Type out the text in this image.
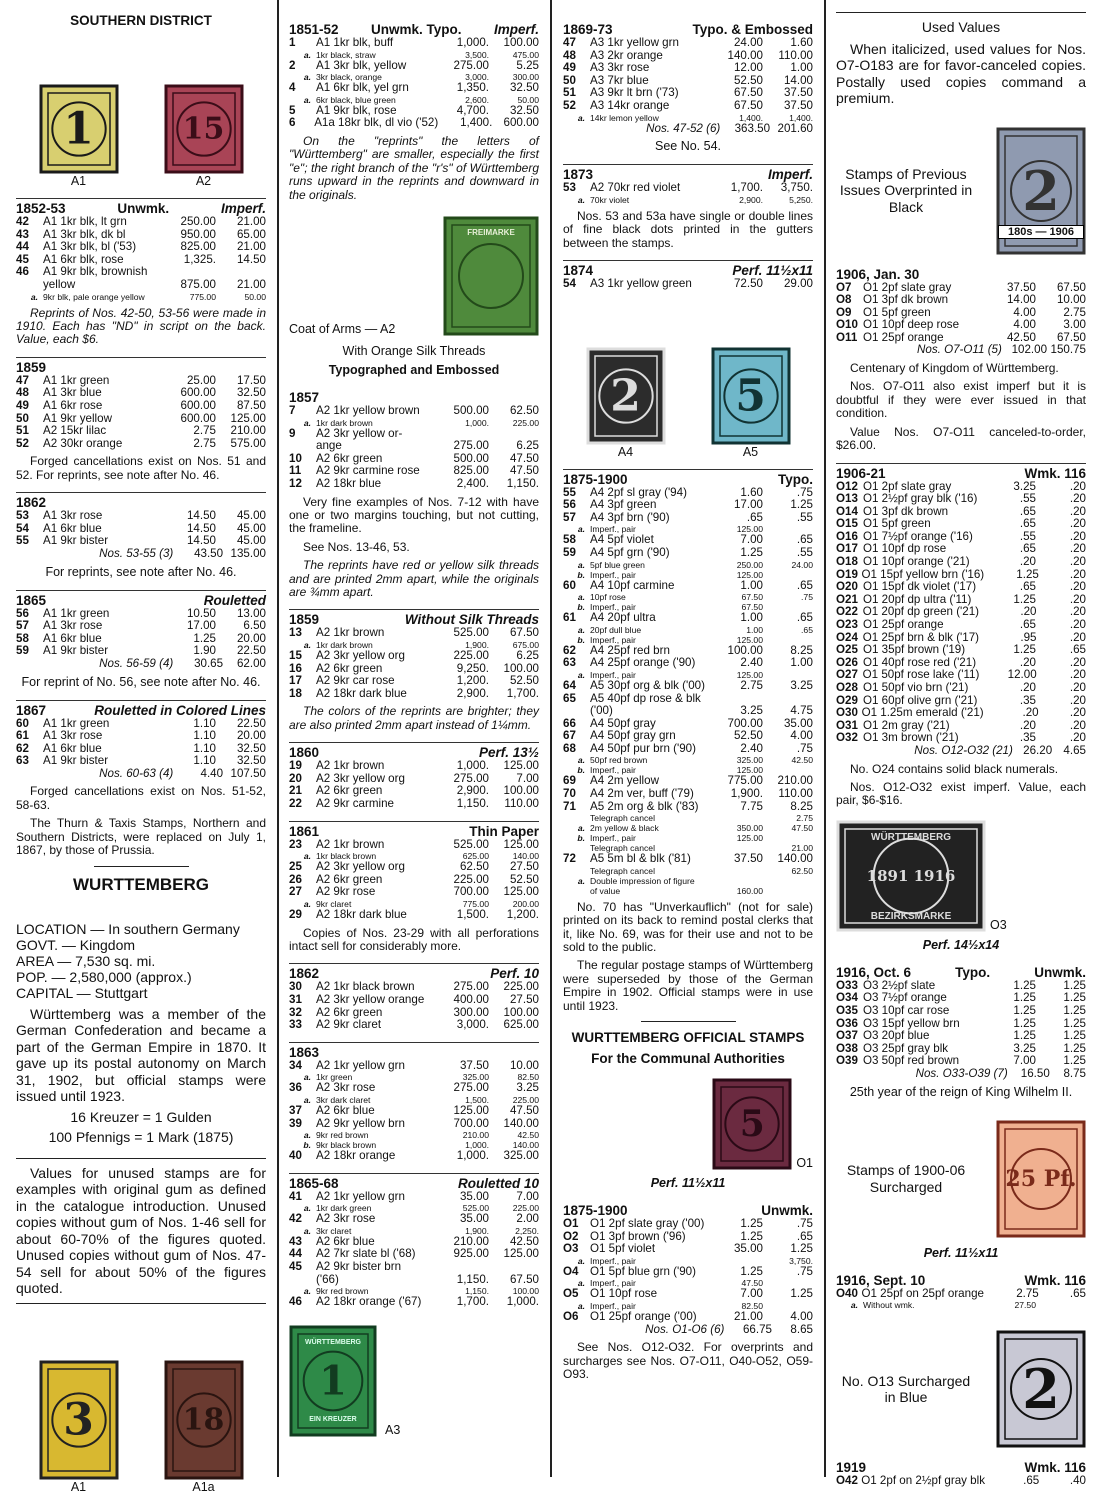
SOUTHERN DISTRICT
1
A1
15
A2
1852-53	Unwmk.	Imperf.
42	A1 1kr blk, lt grn	250.00	21.00
43	A1 3kr blk, dk bl	950.00	65.00
44	A1 3kr blk, bl ('53)	825.00	21.00
45	A1 6kr blk, rose	1,325.	14.50
46	A1 9kr blk, brownish
yellow	875.00	21.00
a. 9kr blk, pale orange yellow	775.00	50.00
Reprints of Nos. 42-50, 53-56 were made in 1910. Each has "ND" in script on the back. Value, each $6.
1859
47	A1 1kr green	25.00	17.50
48	A1 3kr blue	600.00	32.50
49	A1 6kr rose	600.00	87.50
50	A1 9kr yellow	600.00	125.00
51	A2 15kr lilac	2.75	210.00
52	A2 30kr orange	2.75	575.00
Forged cancellations exist on Nos. 51 and 52. For reprints, see note after No. 46.
1862
53	A1 3kr rose	14.50	45.00
54	A1 6kr blue	14.50	45.00
55	A1 9kr bister	14.50	45.00
Nos. 53-55 (3)	43.50 135.00
For reprints, see note after No. 46.
1865	Rouletted
56	A1 1kr green	10.50	13.00
57	A1 3kr rose	17.00	6.50
58	A1 6kr blue	1.25	20.00
59	A1 9kr bister	1.90	22.50
Nos. 56-59 (4)	30.65	62.00
For reprint of No. 56, see note after No. 46.
1867	Rouletted in Colored Lines
60	A1 1kr green	1.10	22.50
61	A1 3kr rose	1.10	20.00
62	A1 6kr blue	1.10	32.50
63	A1 9kr bister	1.10	32.50
Nos. 60-63 (4)	4.40 107.50
Forged cancellations exist on Nos. 51-52, 58-63.
The Thurn & Taxis Stamps, Northern and Southern Districts, were replaced on July 1, 1867, by those of Prussia.
WURTTEMBERG
LOCATION — In southern Germany
GOVT. — Kingdom
AREA — 7,530 sq. mi.
POP. — 2,580,000 (approx.)
CAPITAL — Stuttgart
Württemberg was a member of the German Confederation and became a part of the German Empire in 1870. It gave up its postal autonomy on March 31, 1902, but official stamps were issued until 1923.
16 Kreuzer = 1 Gulden
100 Pfennigs = 1 Mark (1875)
Values for unused stamps are for examples with original gum as defined in the catalogue introduction. Unused copies without gum of Nos. 1-46 sell for about 60-70% of the figures quoted. Unused copies without gum of Nos. 47-54 sell for about 50% of the figures quoted.
3
A1
18
A1a
1851-52 Unwmk. Typo. Imperf.
1	A1 1kr blk, buff	1,000.	100.00
a. 1kr black, straw	3,500.	475.00
2	A1 3kr blk, yellow	275.00	5.25
a. 3kr black, orange	3,000.	300.00
4	A1 6kr blk, yel grn	1,350.	32.50
a. 6kr black, blue green	2,600.	50.00
5	A1 9kr blk, rose	4,700.	32.50
6	A1a 18kr blk, dl vio ('52)	1,400. 600.00
On the "reprints" the letters of "Württemberg" are smaller, especially the first "e"; the right branch of the "r's" of Württemberg runs upward in the reprints and downward in the originals.
Coat of Arms — A2
FREIMARKE
With Orange Silk Threads
Typographed and Embossed
1857
7	A2 1kr yellow brown	500.00	62.50
a. 1kr dark brown	1,000.	225.00
9	A2 3kr yellow or-
ange	275.00	6.25
10	A2 6kr green	500.00	47.50
11	A2 9kr carmine rose	825.00	47.50
12	A2 18kr blue	2,400.	1,150.
Very fine examples of Nos. 7-12 with have one or two margins touching, but not cutting, the frameline.
See Nos. 13-46, 53.
The reprints have red or yellow silk threads and are printed 2mm apart, while the originals are ¾mm apart.
1859	Without Silk Threads
13	A2 1kr brown	525.00	67.50
a. 1kr dark brown	1,900.	675.00
15	A2 3kr yellow org	225.00	6.25
16	A2 6kr green	9,250.	100.00
17	A2 9kr car rose	1,200.	52.50
18	A2 18kr dark blue	2,900.	1,700.
The colors of the reprints are brighter; they are also printed 2mm apart instead of 1¼mm.
1860	Perf. 13½
19	A2 1kr brown	1,000.	125.00
20	A2 3kr yellow org	275.00	7.00
21	A2 6kr green	2,900.	100.00
22	A2 9kr carmine	1,150.	110.00
1861	Thin Paper
23	A2 1kr brown	525.00	125.00
a. 1kr black brown	625.00	140.00
25	A2 3kr yellow org	62.50	27.50
26	A2 6kr green	225.00	52.50
27	A2 9kr rose	700.00	125.00
a. 9kr claret	775.00	200.00
29	A2 18kr dark blue	1,500.	1,200.
Copies of Nos. 23-29 with all perforations intact sell for considerably more.
1862	Perf. 10
30	A2 1kr black brown	275.00	225.00
31	A2 3kr yellow orange	400.00	27.50
32	A2 6kr green	300.00	100.00
33	A2 9kr claret	3,000.	625.00
1863
34	A2 1kr yellow grn	37.50	10.00
a. 1kr green	325.00	82.50
36	A2 3kr rose	275.00	3.25
a. 3kr dark claret	1,500.	225.00
37	A2 6kr blue	125.00	47.50
39	A2 9kr yellow brn	700.00	140.00
a. 9kr red brown	210.00	42.50
b. 9kr black brown	1,000.	140.00
40	A2 18kr orange	1,000.	325.00
1865-68	Rouletted 10
41	A2 1kr yellow grn	35.00	7.00
a. 1kr dark green	525.00	225.00
42	A2 3kr rose	35.00	2.00
a. 3kr claret	1,900.	2,250.
43	A2 6kr blue	210.00	42.50
44	A2 7kr slate bl ('68)	925.00	125.00
45	A2 9kr bister brn
('66)	1,150.	67.50
a. 9kr red brown	1,150.	100.00
46	A2 18kr orange ('67)	1,700.	1,000.
1
WÜRTTEMBERG
EIN KREUZER
A3
1869-73	Typo. & Embossed
47	A3 1kr yellow grn	24.00	1.60
48	A3 2kr orange	140.00	110.00
49	A3 3kr rose	12.00	1.00
50	A3 7kr blue	52.50	14.00
51	A3 9kr lt brn ('73)	67.50	37.50
52	A3 14kr orange	67.50	37.50
a. 14kr lemon yellow	1,400.	1,400.
Nos. 47-52 (6)	363.50 201.60
See No. 54.
1873	Imperf.
53	A2 70kr red violet	1,700.	3,750.
a. 70kr violet	2,900.	5,250.
Nos. 53 and 53a have single or double lines of fine black dots printed in the gutters between the stamps.
1874	Perf. 11½x11
54	A3 1kr yellow green	72.50	29.00
2
A4
5
A5
1875-1900	Typo.
55	A4 2pf sl gray ('94)	1.60	.75
56	A4 3pf green	17.00	1.25
57	A4 3pf brn ('90)	.65	.55
a. Imperf., pair	125.00
58	A4 5pf violet	7.00	.65
59	A4 5pf grn ('90)	1.25	.55
a. 5pf blue green	250.00	24.00
b. Imperf., pair	125.00
60	A4 10pf carmine	1.00	.65
a. 10pf rose	67.50	.75
b. Imperf., pair	67.50
61	A4 20pf ultra	1.00	.65
a. 20pf dull blue	1.00	.65
b. Imperf., pair	125.00
62	A4 25pf red brn	100.00	8.25
63	A4 25pf orange ('90)	2.40	1.00
a. Imperf., pair	125.00
64	A5 30pf org & blk ('00)	2.75	3.25
65	A5 40pf dp rose & blk
('00)	3.25	4.75
66	A4 50pf gray	700.00	35.00
67	A4 50pf gray grn	52.50	4.00
68	A4 50pf pur brn ('90)	2.40	.75
a. 50pf red brown	325.00	42.50
b. Imperf., pair	125.00
69	A4 2m yellow	775.00	210.00
70	A4 2m ver, buff ('79)	1,900.	110.00
71	A5 2m org & blk ('83)	7.75	8.25
Telegraph cancel	2.75
a. 2m yellow & black	350.00	47.50
b. Imperf., pair	125.00
Telegraph cancel	21.00
72	A5 5m bl & blk ('81)	37.50	140.00
Telegraph cancel	62.50
a. Double impression of figure
of value	160.00
No. 70 has "Unverkauflich" (not for sale) printed on its back to remind postal clerks that it, like No. 69, was for their use and not to be sold to the public.
The regular postage stamps of Württemberg were superseded by those of the German Empire in 1902. Official stamps were in use until 1923.
WURTTEMBERG OFFICIAL STAMPS
For the Communal Authorities
5
O1
Perf. 11½x11
1875-1900	Unwmk.
O1 O1 2pf slate gray ('00)	1.25	.75
O2 O1 3pf brown ('96)	1.25	.65
O3 O1 5pf violet	35.00	1.25
a. Imperf., pair	3,750.
O4 O1 5pf blue grn ('90)	1.25	.75
a. Imperf., pair	47.50
O5 O1 10pf rose	7.00	1.25
a. Imperf., pair	82.50
O6 O1 25pf orange ('00)	21.00	4.00
Nos. O1-O6 (6)	66.75	8.65
See Nos. O12-O32. For overprints and surcharges see Nos. O7-O11, O40-O52, O59-O93.
Used Values
When italicized, used values for Nos. O7-O183 are for favor-canceled copies. Postally used copies command a premium.
Stamps of Previous Issues Overprinted in Black	2
180s — 1906
1906, Jan. 30
O7 O1 2pf slate gray	37.50	67.50
O8 O1 3pf dk brown	14.00	10.00
O9 O1 5pf green	4.00	2.75
O10 O1 10pf deep rose	4.00	3.00
O11 O1 25pf orange	42.50	67.50
Nos. O7-O11 (5) 102.00 150.75
Centenary of Kingdom of Württemberg.
Nos. O7-O11 also exist imperf but it is doubtful if they were ever issued in that condition.
Value Nos. O7-O11 canceled-to-order, $26.00.
1906-21	Wmk. 116
O12 O1 2pf slate gray	3.25	.20
O13 O1 2½pf gray blk ('16)	.55	.20
O14 O1 3pf dk brown	.65	.20
O15 O1 5pf green	.65	.20
O16 O1 7½pf orange ('16)	.55	.20
O17 O1 10pf dp rose	.65	.20
O18 O1 10pf orange ('21)	.20	.20
O19 O1 15pf yellow brn ('16)	1.25	.20
O20 O1 15pf dk violet ('17)	.65	.20
O21 O1 20pf dp ultra ('11)	1.25	.20
O22 O1 20pf dp green ('21)	.20	.20
O23 O1 25pf orange	.65	.20
O24 O1 25pf brn & blk ('17)	.95	.20
O25 O1 35pf brown ('19)	1.25	.65
O26 O1 40pf rose red ('21)	.20	.20
O27 O1 50pf rose lake ('11)	12.00	.20
O28 O1 50pf vio brn ('21)	.20	.20
O29 O1 60pf olive grn ('21)	.35	.20
O30 O1 1.25m emerald ('21)	.20	.20
O31 O1 2m gray ('21)	.20	.20
O32 O1 3m brown ('21)	.35	.20
Nos. O12-O32 (21) 26.20 4.65
No. O24 contains solid black numerals.
Nos. O12-O32 exist imperf. Value, each pair, $6-$16.
1891 1916
WÜRTTEMBERG
BEZIRKSMARKE
O3
Perf. 14½x14
1916, Oct. 6	Typo.	Unwmk.
O33 O3 2½pf slate	1.25	1.25
O34 O3 7½pf orange	1.25	1.25
O35 O3 10pf car rose	1.25	1.25
O36 O3 15pf yellow brn	1.25	1.25
O37 O3 20pf blue	1.25	1.25
O38 O3 25pf gray blk	3.25	1.25
O39 O3 50pf red brown	7.00	1.25
Nos. O33-O39 (7)	16.50	8.75
25th year of the reign of King Wilhelm II.
Stamps of 1900-06 Surcharged	25 Pf.
Perf. 11½x11
1916, Sept. 10	Wmk. 116
O40 O1 25pf on 25pf orange	2.75	.65
a. Without wmk.	27.50
No. O13 Surcharged in Blue	2
1919	Wmk. 116
O42 O1 2pf on 2½pf gray blk	.65	.40
